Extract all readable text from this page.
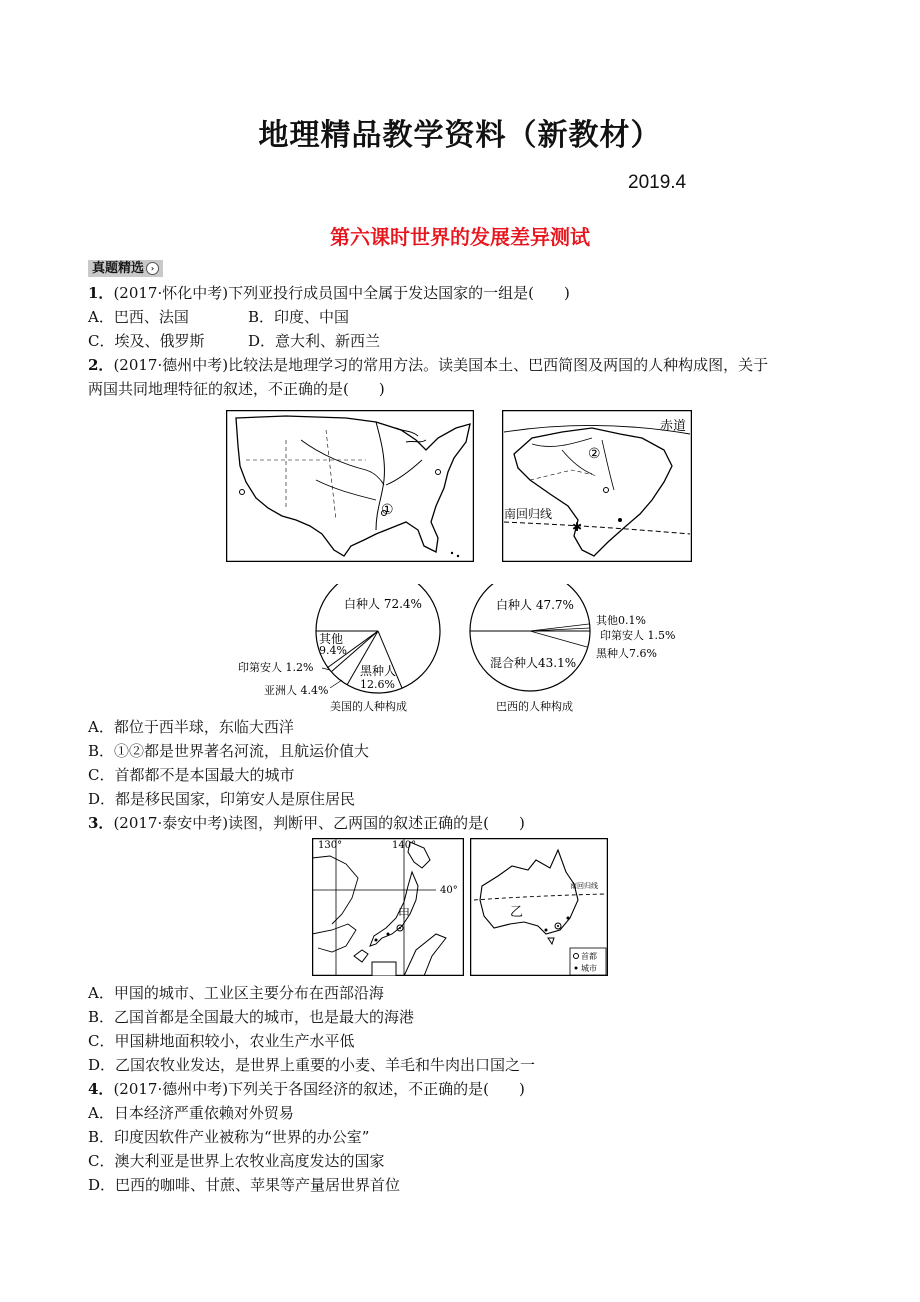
地理精品教学资料（新教材）
2019.4
第六课时世界的发展差异测试
真题精选 ›
1．(2017·怀化中考)下列亚投行成员国中全属于发达国家的一组是(　　)
A．巴西、法国	B．印度、中国
C．埃及、俄罗斯	D．意大利、新西兰
2．(2017·德州中考)比较法是地理学习的常用方法。读美国本土、巴西简图及两国的人种构成图，关于
两国共同地理特征的叙述，不正确的是(　　)
①
赤道
南回归线
②
✱
白种人 72.4%
其他
9.4%
黑种人
12.6%
印第安人 1.2%
亚洲人 4.4%
美国的人种构成
白种人 47.7%
其他0.1%
印第安人 1.5%
黑种人7.6%
混合种人43.1%
巴西的人种构成
A．都位于西半球，东临大西洋
B．①②都是世界著名河流，且航运价值大
C．首都都不是本国最大的城市
D．都是移民国家，印第安人是原住居民
3．(2017·泰安中考)读图，判断甲、乙两国的叙述正确的是(　　)
130°	140°
40°
甲
南回归线
乙
首都
城市
A．甲国的城市、工业区主要分布在西部沿海
B．乙国首都是全国最大的城市，也是最大的海港
C．甲国耕地面积较小，农业生产水平低
D．乙国农牧业发达，是世界上重要的小麦、羊毛和牛肉出口国之一
4．(2017·德州中考)下列关于各国经济的叙述，不正确的是(　　)
A．日本经济严重依赖对外贸易
B．印度因软件产业被称为“世界的办公室”
C．澳大利亚是世界上农牧业高度发达的国家
D．巴西的咖啡、甘蔗、苹果等产量居世界首位
